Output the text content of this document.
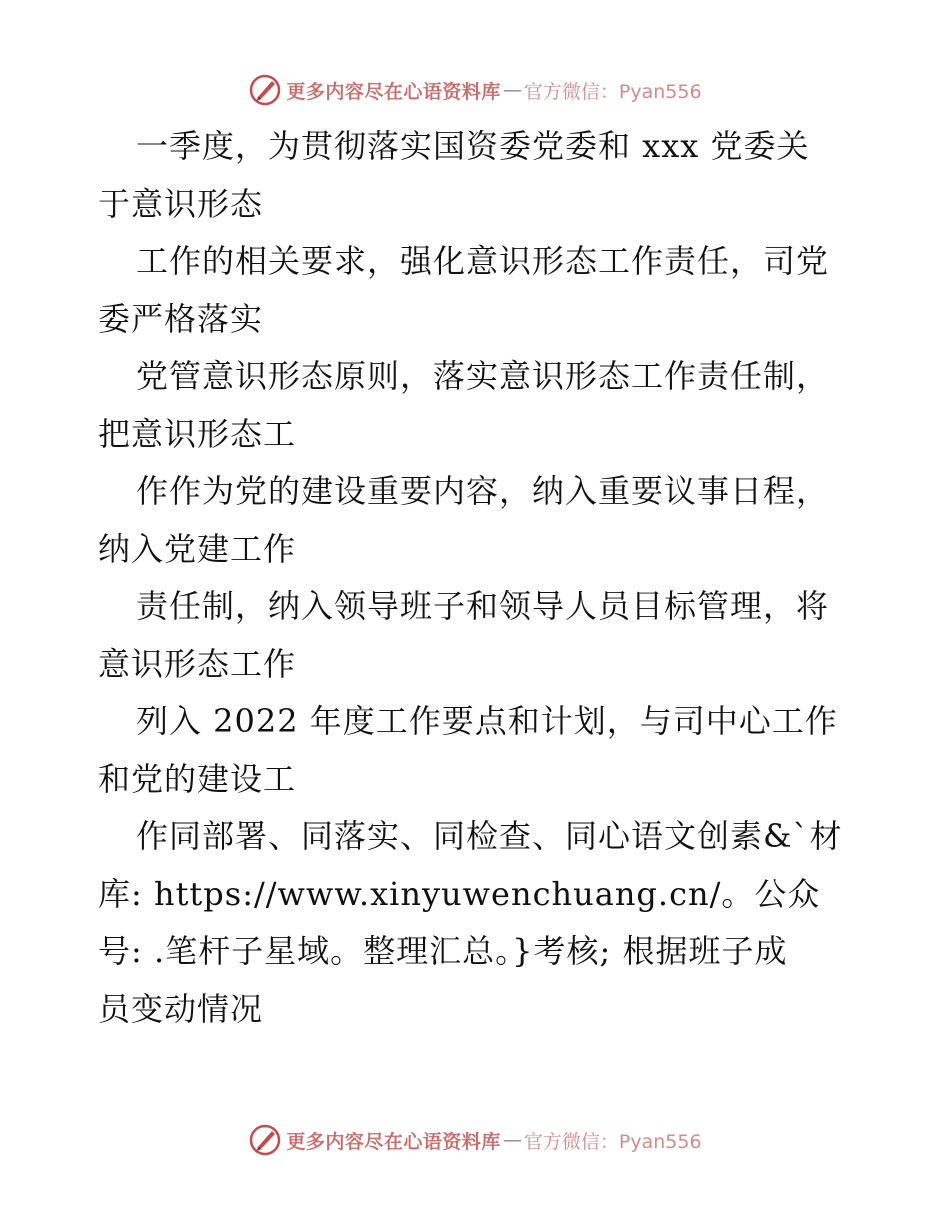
更多内容尽在心语资料库 — 官方微信：Pyan556
一季度，为贯彻落实国资委党委和 xxx 党委关
于意识形态
工作的相关要求，强化意识形态工作责任，司党
委严格落实
党管意识形态原则，落实意识形态工作责任制，
把意识形态工
作作为党的建设重要内容，纳入重要议事日程，
纳入党建工作
责任制，纳入领导班子和领导人员目标管理，将
意识形态工作
列入 2022 年度工作要点和计划，与司中心工作
和党的建设工
作同部署、同落实、同检查、同心语文创素&`材
库: https://www.xinyuwenchuang.cn/。公众
号: .笔杆子星域。整理汇总。}考核; 根据班子成
员变动情况
更多内容尽在心语资料库 — 官方微信：Pyan556
